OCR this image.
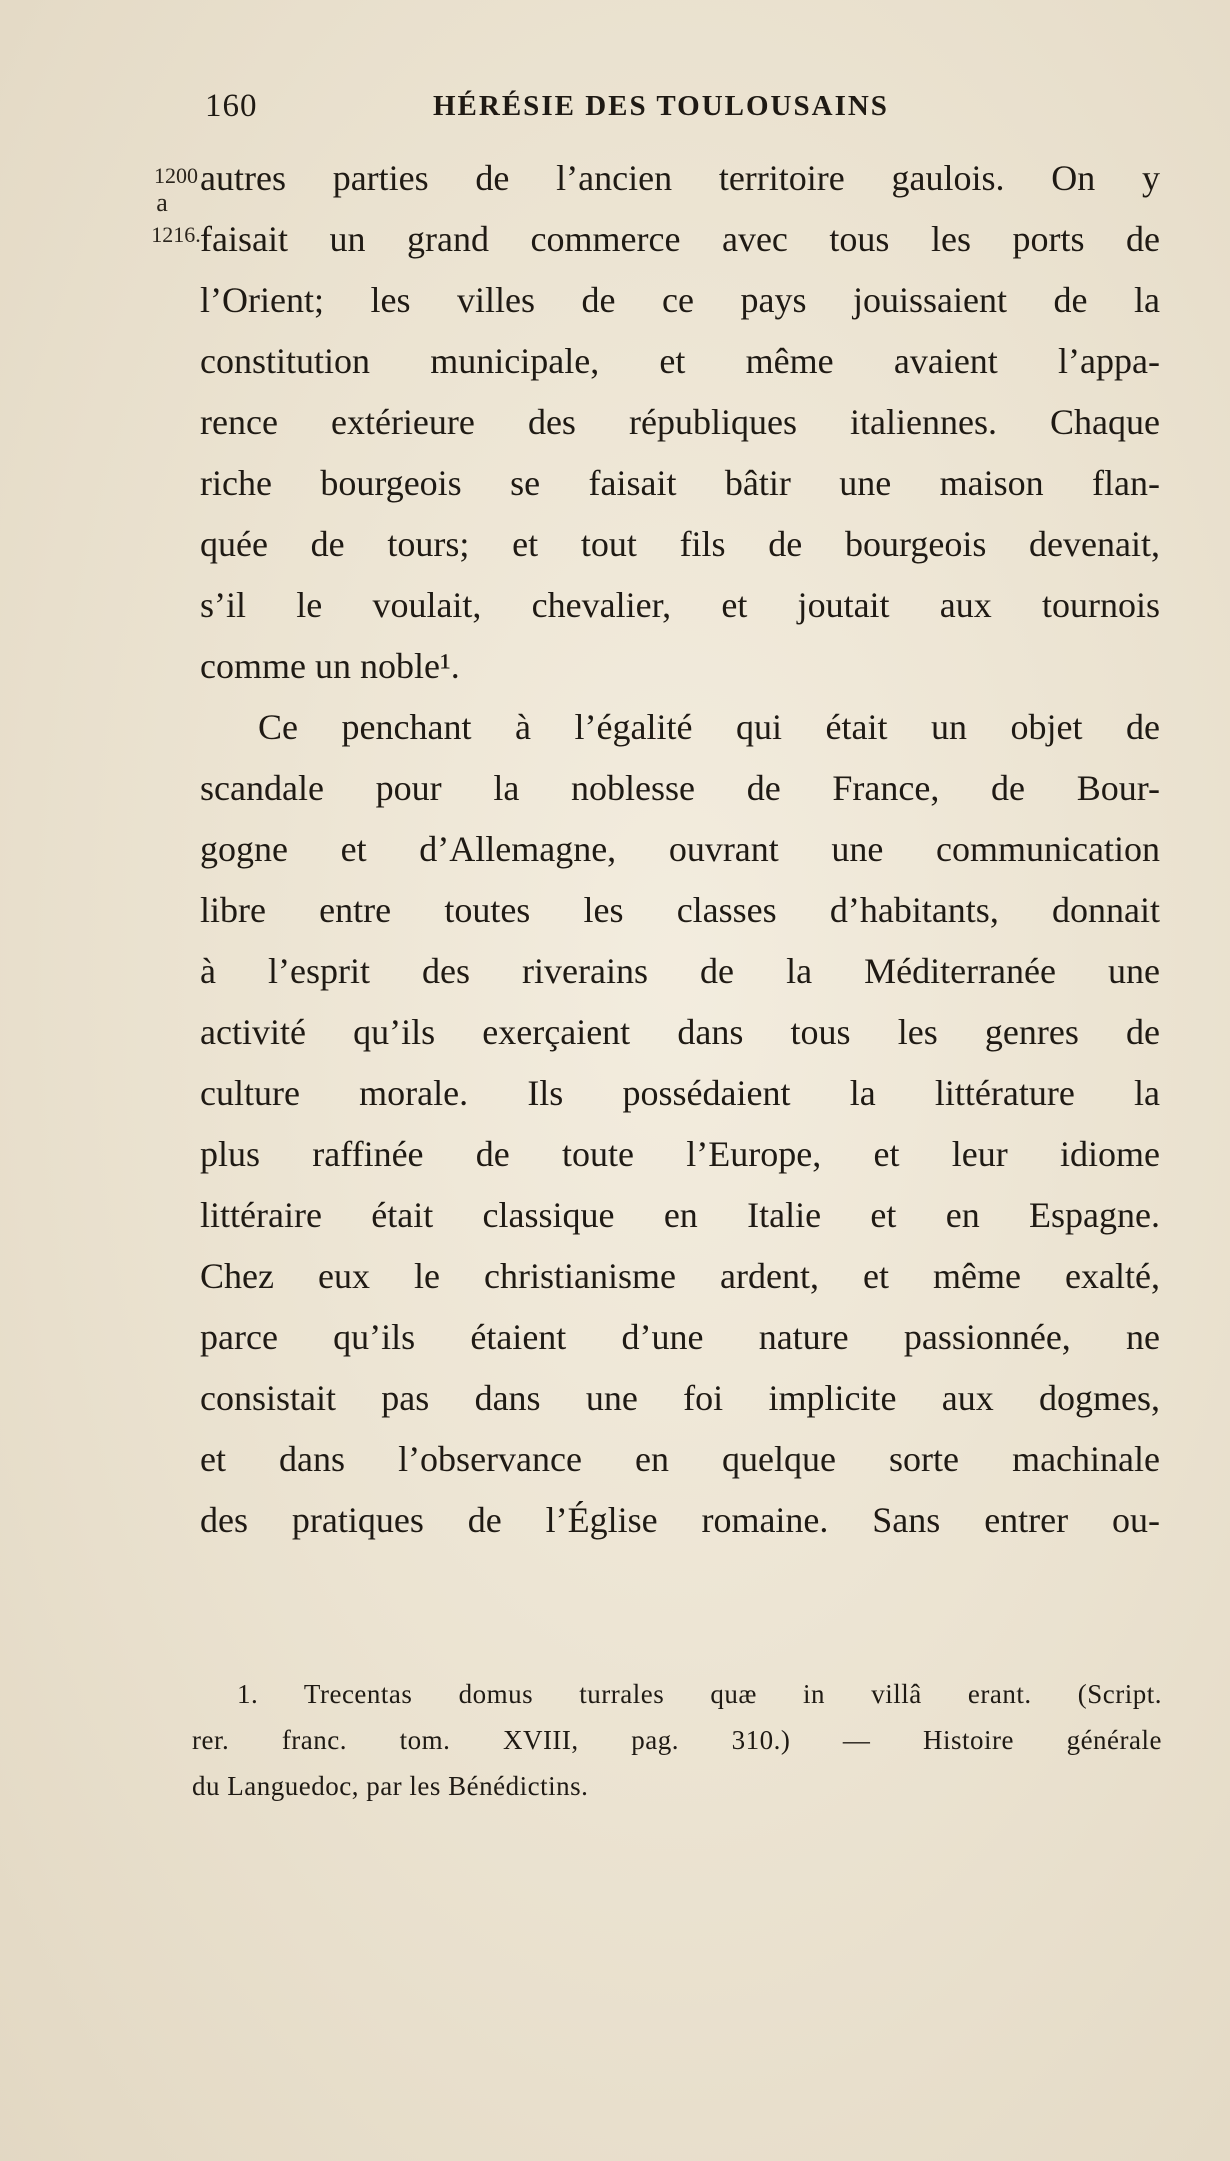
160	HÉRÉSIE DES TOULOUSAINS
1200
a
1216.
autres parties de l’ancien territoire gaulois. On y
faisait un grand commerce avec tous les ports de
l’Orient; les villes de ce pays jouissaient de la
constitution municipale, et même avaient l’appa-
rence extérieure des républiques italiennes. Chaque
riche bourgeois se faisait bâtir une maison flan-
quée de tours; et tout fils de bourgeois devenait,
s’il le voulait, chevalier, et joutait aux tournois
comme un noble¹.
Ce penchant à l’égalité qui était un objet de
scandale pour la noblesse de France, de Bour-
gogne et d’Allemagne, ouvrant une communication
libre entre toutes les classes d’habitants, donnait
à l’esprit des riverains de la Méditerranée une
activité qu’ils exerçaient dans tous les genres de
culture morale. Ils possédaient la littérature la
plus raffinée de toute l’Europe, et leur idiome
littéraire était classique en Italie et en Espagne.
Chez eux le christianisme ardent, et même exalté,
parce qu’ils étaient d’une nature passionnée, ne
consistait pas dans une foi implicite aux dogmes,
et dans l’observance en quelque sorte machinale
des pratiques de l’Église romaine. Sans entrer ou-
1. Trecentas domus turrales quæ in villâ erant. (Script.
rer. franc. tom. XVIII, pag. 310.) — Histoire générale
du Languedoc, par les Bénédictins.
